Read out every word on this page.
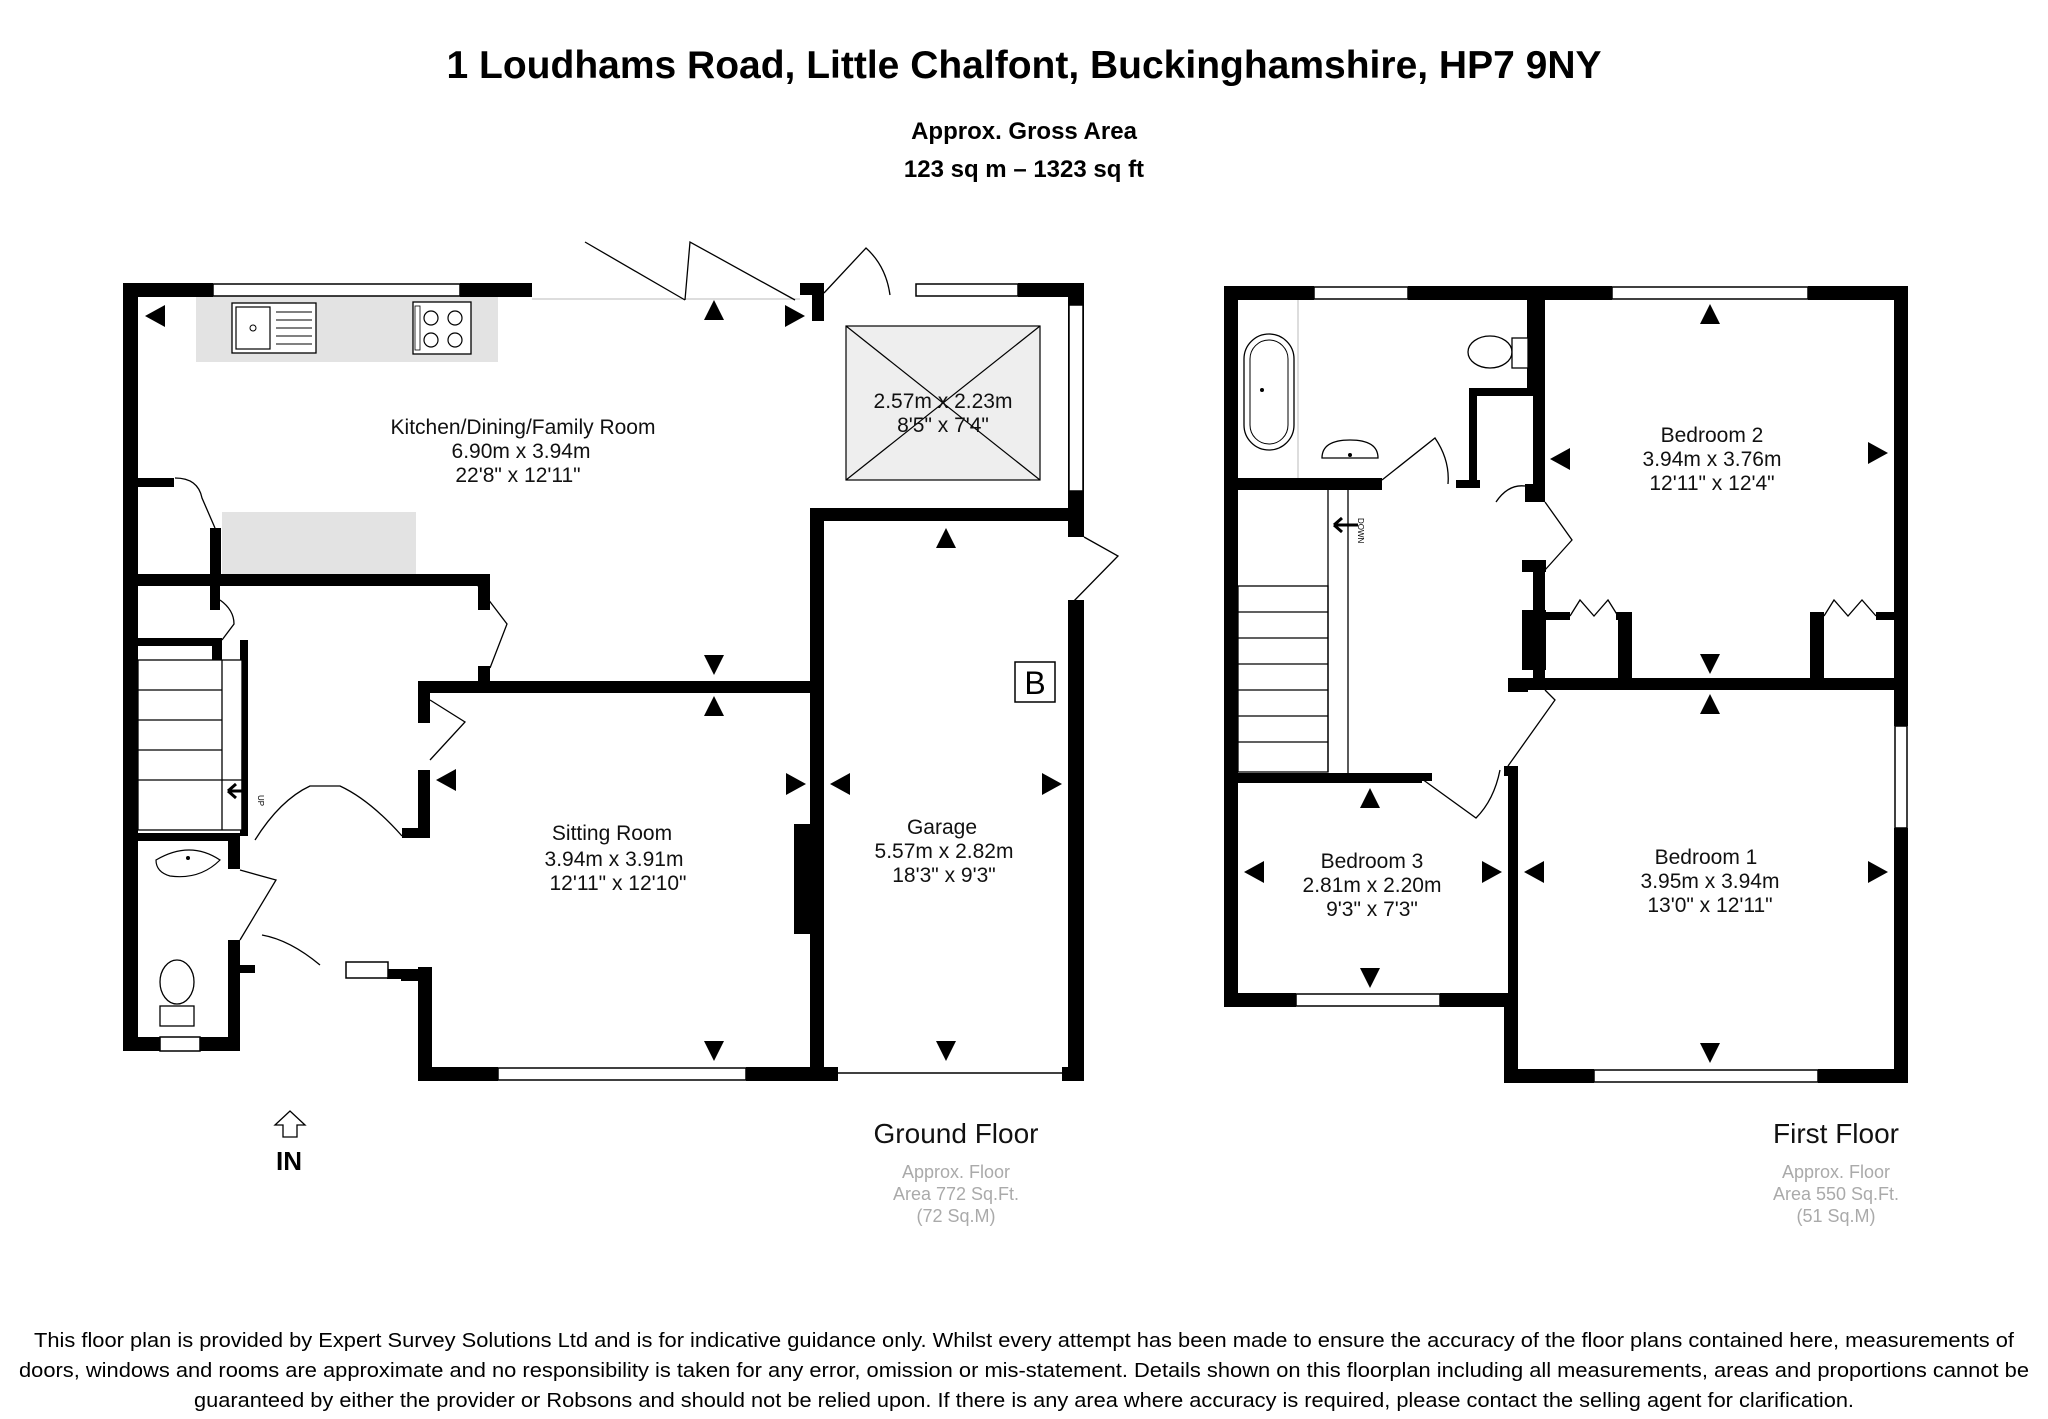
1 Loudhams Road, Little Chalfont, Buckinghamshire, HP7 9NY
Approx. Gross Area
123 sq m – 1323 sq ft
UP
B
Kitchen/Dining/Family Room
6.90m x 3.94m
22'8" x 12'11"
2.57m x 2.23m
8'5" x 7'4"
Sitting Room
3.94m x 3.91m
12'11" x 12'10"
Garage
5.57m x 2.82m
18'3" x 9'3"
IN
Ground Floor
Approx. Floor
Area 772 Sq.Ft.
(72 Sq.M)
DOWN
Bedroom 2
3.94m x 3.76m
12'11" x 12'4"
Bedroom 3
2.81m x 2.20m
9'3" x 7'3"
Bedroom 1
3.95m x 3.94m
13'0" x 12'11"
First Floor
Approx. Floor
Area 550 Sq.Ft.
(51 Sq.M)
This floor plan is provided by Expert Survey Solutions Ltd and is for indicative guidance only. Whilst every attempt has been made to ensure the accuracy of the floor plans contained here, measurements of
doors, windows and rooms are approximate and no responsibility is taken for any error, omission or mis-statement. Details shown on this floorplan including all measurements, areas and proportions cannot be
guaranteed by either the provider or Robsons and should not be relied upon. If there is any area where accuracy is required, please contact the selling agent for clarification.
